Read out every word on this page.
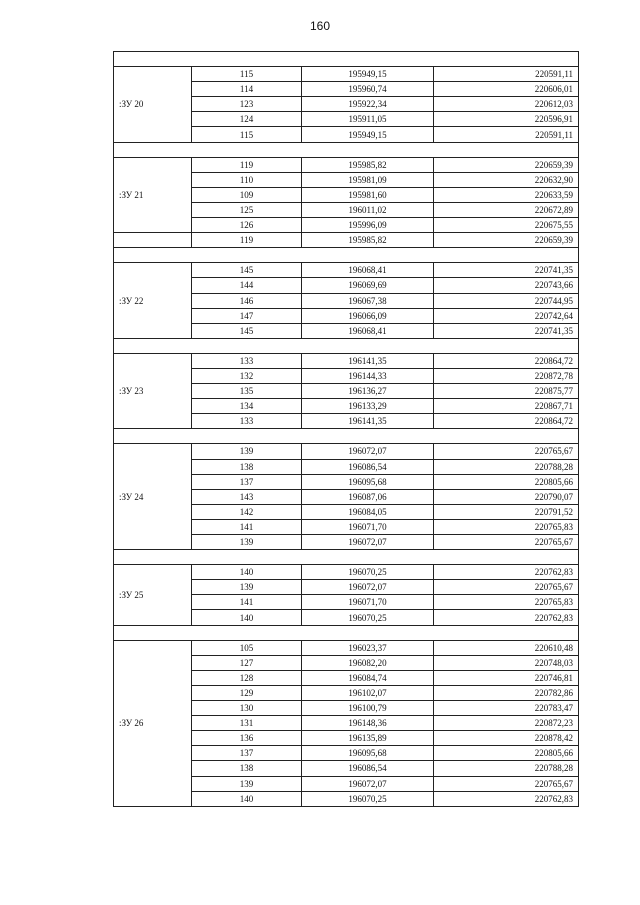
160

:ЗУ 20	115	195949,15	220591,11
	114	195960,74	220606,01
	123	195922,34	220612,03
	124	195911,05	220596,91
	115	195949,15	220591,11

:ЗУ 21	119	195985,82	220659,39
	110	195981,09	220632,90
	109	195981,60	220633,59
	125	196011,02	220672,89
	126	195996,09	220675,55
	119	195985,82	220659,39

:ЗУ 22	145	196068,41	220741,35
	144	196069,69	220743,66
	146	196067,38	220744,95
	147	196066,09	220742,64
	145	196068,41	220741,35

:ЗУ 23	133	196141,35	220864,72
	132	196144,33	220872,78
	135	196136,27	220875,77
	134	196133,29	220867,71
	133	196141,35	220864,72

:ЗУ 24	139	196072,07	220765,67
	138	196086,54	220788,28
	137	196095,68	220805,66
	143	196087,06	220790,07
	142	196084,05	220791,52
	141	196071,70	220765,83
	139	196072,07	220765,67

:ЗУ 25	140	196070,25	220762,83
	139	196072,07	220765,67
	141	196071,70	220765,83
	140	196070,25	220762,83

:ЗУ 26	105	196023,37	220610,48
	127	196082,20	220748,03
	128	196084,74	220746,81
	129	196102,07	220782,86
	130	196100,79	220783,47
	131	196148,36	220872,23
	136	196135,89	220878,42
	137	196095,68	220805,66
	138	196086,54	220788,28
	139	196072,07	220765,67
	140	196070,25	220762,83
